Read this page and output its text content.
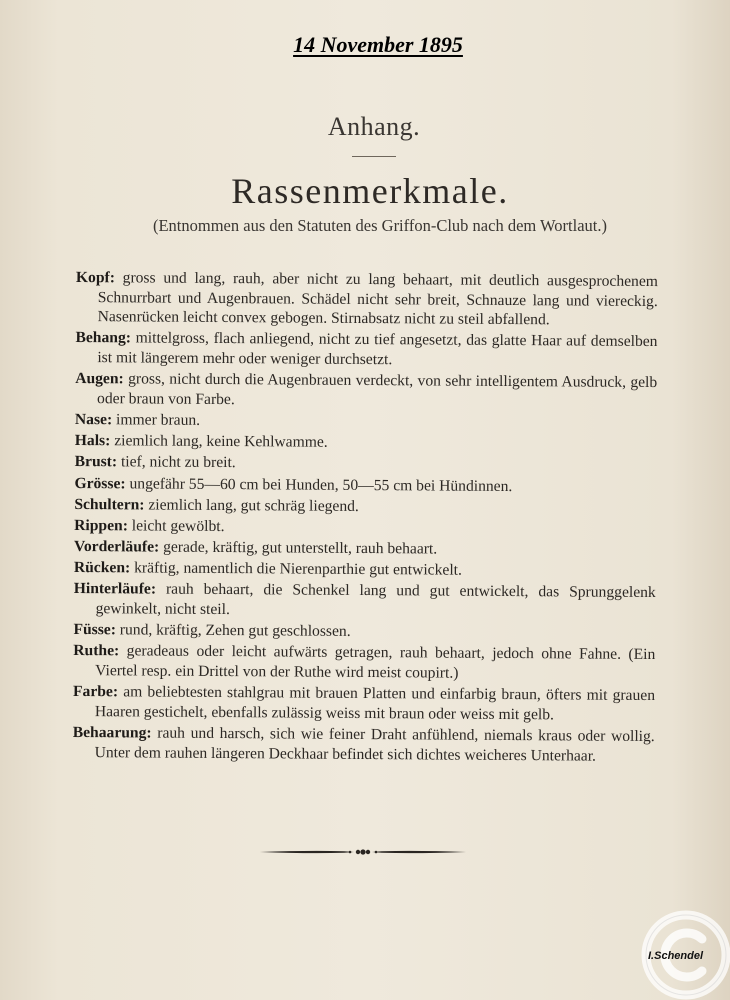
14 November 1895
Anhang.
Rassenmerkmale.
(Entnommen aus den Statuten des Griffon-Club nach dem Wortlaut.)
Kopf: gross und lang, rauh, aber nicht zu lang behaart, mit deutlich ausgesprochenem Schnurrbart und Augenbrauen. Schädel nicht sehr breit, Schnauze lang und viereckig. Nasenrücken leicht convex gebogen. Stirnabsatz nicht zu steil abfallend.
Behang: mittelgross, flach anliegend, nicht zu tief angesetzt, das glatte Haar auf demselben ist mit längerem mehr oder weniger durchsetzt.
Augen: gross, nicht durch die Augenbrauen verdeckt, von sehr intelligentem Ausdruck, gelb oder braun von Farbe.
Nase: immer braun.
Hals: ziemlich lang, keine Kehlwamme.
Brust: tief, nicht zu breit.
Grösse: ungefähr 55—60 cm bei Hunden, 50—55 cm bei Hündinnen.
Schultern: ziemlich lang, gut schräg liegend.
Rippen: leicht gewölbt.
Vorderläufe: gerade, kräftig, gut unterstellt, rauh behaart.
Rücken: kräftig, namentlich die Nierenparthie gut entwickelt.
Hinterläufe: rauh behaart, die Schenkel lang und gut entwickelt, das Sprunggelenk gewinkelt, nicht steil.
Füsse: rund, kräftig, Zehen gut geschlossen.
Ruthe: geradeaus oder leicht aufwärts getragen, rauh behaart, jedoch ohne Fahne. (Ein Viertel resp. ein Drittel von der Ruthe wird meist coupirt.)
Farbe: am beliebtesten stahlgrau mit brauen Platten und einfarbig braun, öfters mit grauen Haaren gestichelt, ebenfalls zulässig weiss mit braun oder weiss mit gelb.
Behaarung: rauh und harsch, sich wie feiner Draht anfühlend, niemals kraus oder wollig. Unter dem rauhen längeren Deckhaar befindet sich dichtes weicheres Unterhaar.
I.Schendel
